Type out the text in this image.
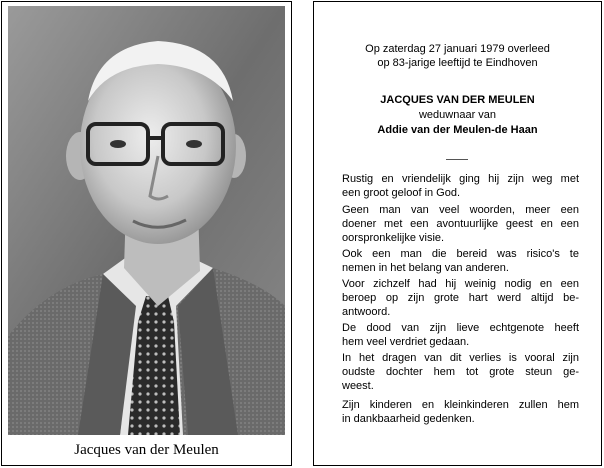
Jacques van der Meulen
Op zaterdag 27 januari 1979 overleed
op 83-jarige leeftijd te Eindhoven
JACQUES VAN DER MEULEN
weduwnaar van
Addie van der Meulen-de Haan
Rustig en vriendelijk ging hij zijn weg met
een groot geloof in God.
Geen man van veel woorden, meer een
doener met een avontuurlijke geest en een
oorspronkelijke visie.
Ook een man die bereid was risico's te
nemen in het belang van anderen.
Voor zichzelf had hij weinig nodig en een
beroep op zijn grote hart werd altijd be-
antwoord.
De dood van zijn lieve echtgenote heeft
hem veel verdriet gedaan.
In het dragen van dit verlies is vooral zijn
oudste dochter hem tot grote steun ge-
weest.
Zijn kinderen en kleinkinderen zullen hem
in dankbaarheid gedenken.
